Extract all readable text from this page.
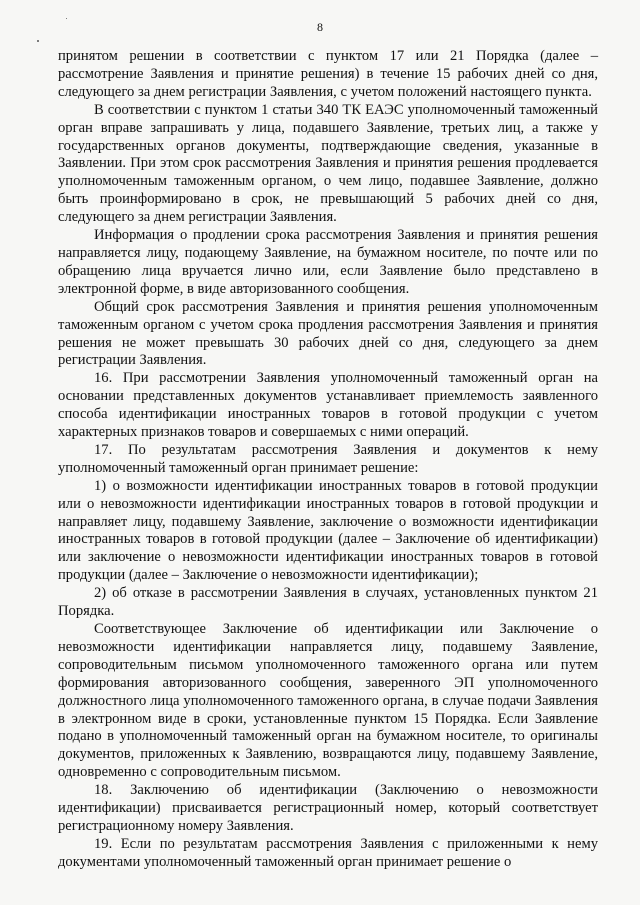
8

принятом решении в соответствии с пунктом 17 или 21 Порядка (далее – рассмотрение Заявления и принятие решения) в течение 15 рабочих дней со дня, следующего за днем регистрации Заявления, с учетом положений настоящего пункта.

В соответствии с пунктом 1 статьи 340 ТК ЕАЭС уполномоченный таможенный орган вправе запрашивать у лица, подавшего Заявление, третьих лиц, а также у государственных органов документы, подтверждающие сведения, указанные в Заявлении. При этом срок рассмотрения Заявления и принятия решения продлевается уполномоченным таможенным органом, о чем лицо, подавшее Заявление, должно быть проинформировано в срок, не превышающий 5 рабочих дней со дня, следующего за днем регистрации Заявления.

Информация о продлении срока рассмотрения Заявления и принятия решения направляется лицу, подающему Заявление, на бумажном носителе, по почте или по обращению лица вручается лично или, если Заявление было представлено в электронной форме, в виде авторизованного сообщения.

Общий срок рассмотрения Заявления и принятия решения уполномоченным таможенным органом с учетом срока продления рассмотрения Заявления и принятия решения не может превышать 30 рабочих дней со дня, следующего за днем регистрации Заявления.

16. При рассмотрении Заявления уполномоченный таможенный орган на основании представленных документов устанавливает приемлемость заявленного способа идентификации иностранных товаров в готовой продукции с учетом характерных признаков товаров и совершаемых с ними операций.

17. По результатам рассмотрения Заявления и документов к нему уполномоченный таможенный орган принимает решение:

1) о возможности идентификации иностранных товаров в готовой продукции или о невозможности идентификации иностранных товаров в готовой продукции и направляет лицу, подавшему Заявление, заключение о возможности идентификации иностранных товаров в готовой продукции (далее – Заключение об идентификации) или заключение о невозможности идентификации иностранных товаров в готовой продукции (далее – Заключение о невозможности идентификации);

2) об отказе в рассмотрении Заявления в случаях, установленных пунктом 21 Порядка.

Соответствующее Заключение об идентификации или Заключение о невозможности идентификации направляется лицу, подавшему Заявление, сопроводительным письмом уполномоченного таможенного органа или путем формирования авторизованного сообщения, заверенного ЭП уполномоченного должностного лица уполномоченного таможенного органа, в случае подачи Заявления в электронном виде в сроки, установленные пунктом 15 Порядка. Если Заявление подано в уполномоченный таможенный орган на бумажном носителе, то оригиналы документов, приложенных к Заявлению, возвращаются лицу, подавшему Заявление, одновременно с сопроводительным письмом.

18. Заключению об идентификации (Заключению о невозможности идентификации) присваивается регистрационный номер, который соответствует регистрационному номеру Заявления.

19. Если по результатам рассмотрения Заявления с приложенными к нему документами уполномоченный таможенный орган принимает решение о
